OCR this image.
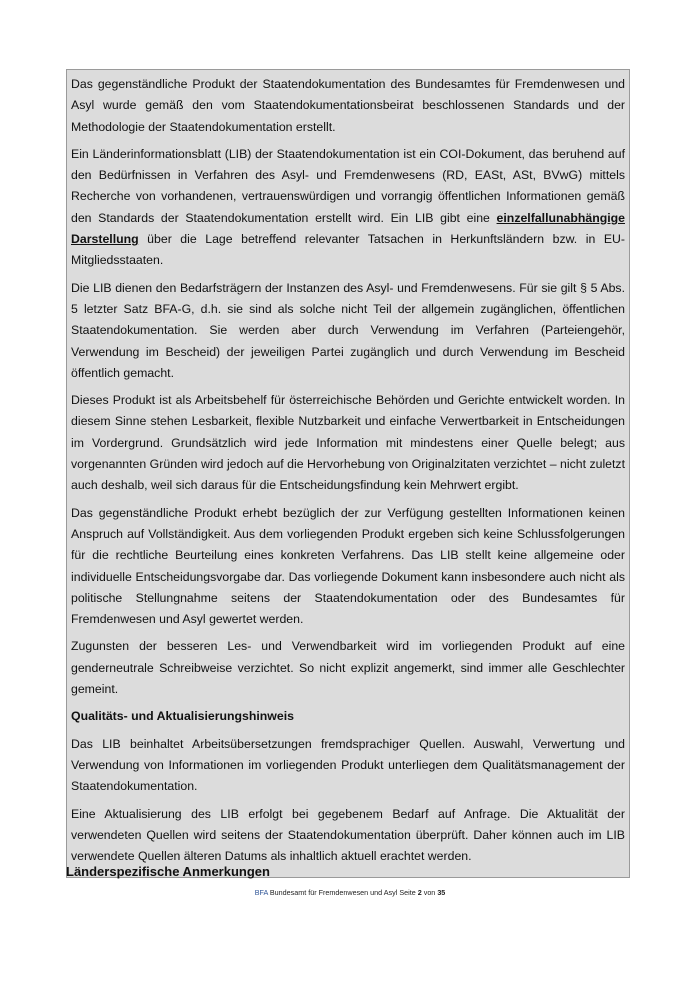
Das gegenständliche Produkt der Staatendokumentation des Bundesamtes für Fremdenwesen und Asyl wurde gemäß den vom Staatendokumentationsbeirat beschlossenen Standards und der Methodologie der Staatendokumentation erstellt.

Ein Länderinformationsblatt (LIB) der Staatendokumentation ist ein COI-Dokument, das beruhend auf den Bedürfnissen in Verfahren des Asyl- und Fremdenwesens (RD, EASt, ASt, BVwG) mittels Recherche von vorhandenen, vertrauenswürdigen und vorrangig öffentlichen Informationen gemäß den Standards der Staatendokumentation erstellt wird. Ein LIB gibt eine einzelfallunabhängige Darstellung über die Lage betreffend relevanter Tatsachen in Herkunftsländern bzw. in EU-Mitgliedsstaaten.

Die LIB dienen den Bedarfsträgern der Instanzen des Asyl- und Fremdenwesens. Für sie gilt § 5 Abs. 5 letzter Satz BFA-G, d.h. sie sind als solche nicht Teil der allgemein zugänglichen, öffentlichen Staatendokumentation. Sie werden aber durch Verwendung im Verfahren (Parteiengehör, Verwendung im Bescheid) der jeweiligen Partei zugänglich und durch Verwendung im Bescheid öffentlich gemacht.

Dieses Produkt ist als Arbeitsbehelf für österreichische Behörden und Gerichte entwickelt worden. In diesem Sinne stehen Lesbarkeit, flexible Nutzbarkeit und einfache Verwertbarkeit in Entscheidungen im Vordergrund. Grundsätzlich wird jede Information mit mindestens einer Quelle belegt; aus vorgenannten Gründen wird jedoch auf die Hervorhebung von Originalzitaten verzichtet – nicht zuletzt auch deshalb, weil sich daraus für die Entscheidungsfindung kein Mehrwert ergibt.

Das gegenständliche Produkt erhebt bezüglich der zur Verfügung gestellten Informationen keinen Anspruch auf Vollständigkeit. Aus dem vorliegenden Produkt ergeben sich keine Schlussfolgerungen für die rechtliche Beurteilung eines konkreten Verfahrens. Das LIB stellt keine allgemeine oder individuelle Entscheidungsvorgabe dar. Das vorliegende Dokument kann insbesondere auch nicht als politische Stellungnahme seitens der Staatendokumentation oder des Bundesamtes für Fremdenwesen und Asyl gewertet werden.

Zugunsten der besseren Les- und Verwendbarkeit wird im vorliegenden Produkt auf eine genderneutrale Schreibweise verzichtet. So nicht explizit angemerkt, sind immer alle Geschlechter gemeint.

Qualitäts- und Aktualisierungshinweis

Das LIB beinhaltet Arbeitsübersetzungen fremdsprachiger Quellen. Auswahl, Verwertung und Verwendung von Informationen im vorliegenden Produkt unterliegen dem Qualitätsmanagement der Staatendokumentation.

Eine Aktualisierung des LIB erfolgt bei gegebenem Bedarf auf Anfrage. Die Aktualität der verwendeten Quellen wird seitens der Staatendokumentation überprüft. Daher können auch im LIB verwendete Quellen älteren Datums als inhaltlich aktuell erachtet werden.

Länderspezifische Anmerkungen
BFA Bundesamt für Fremdenwesen und Asyl Seite 2 von 35
